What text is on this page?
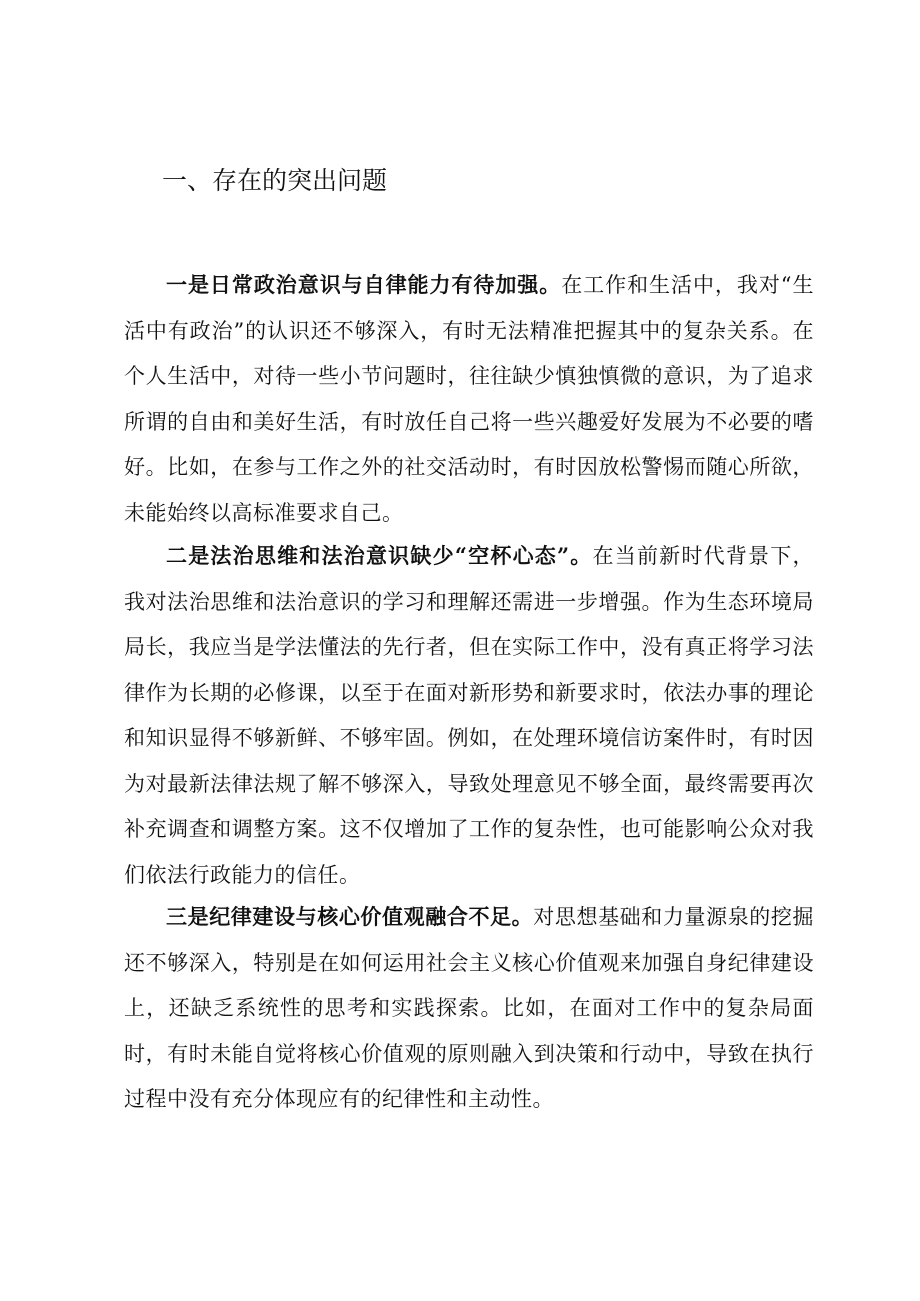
一、存在的突出问题

一是日常政治意识与自律能力有待加强。在工作和生活中，我对“生活中有政治”的认识还不够深入，有时无法精准把握其中的复杂关系。在个人生活中，对待一些小节问题时，往往缺少慎独慎微的意识，为了追求所谓的自由和美好生活，有时放任自己将一些兴趣爱好发展为不必要的嗜好。比如，在参与工作之外的社交活动时，有时因放松警惕而随心所欲，未能始终以高标准要求自己。

二是法治思维和法治意识缺少“空杯心态”。在当前新时代背景下，我对法治思维和法治意识的学习和理解还需进一步增强。作为生态环境局局长，我应当是学法懂法的先行者，但在实际工作中，没有真正将学习法律作为长期的必修课，以至于在面对新形势和新要求时，依法办事的理论和知识显得不够新鲜、不够牢固。例如，在处理环境信访案件时，有时因为对最新法律法规了解不够深入，导致处理意见不够全面，最终需要再次补充调查和调整方案。这不仅增加了工作的复杂性，也可能影响公众对我们依法行政能力的信任。

三是纪律建设与核心价值观融合不足。对思想基础和力量源泉的挖掘还不够深入，特别是在如何运用社会主义核心价值观来加强自身纪律建设上，还缺乏系统性的思考和实践探索。比如，在面对工作中的复杂局面时，有时未能自觉将核心价值观的原则融入到决策和行动中，导致在执行过程中没有充分体现应有的纪律性和主动性。
